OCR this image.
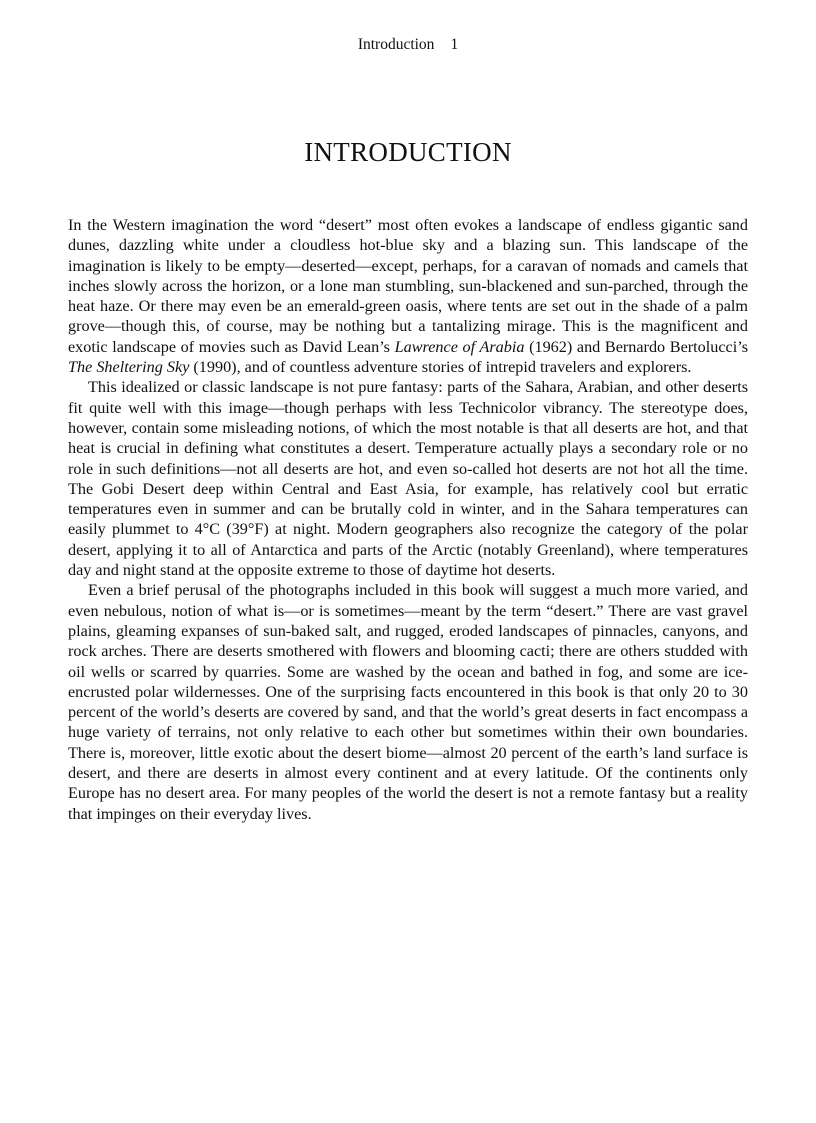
Introduction 1
INTRODUCTION

In the Western imagination the word “desert” most often evokes a landscape of endless gigantic sand dunes, dazzling white under a cloudless hot-blue sky and a blazing sun. This landscape of the imagination is likely to be empty—deserted—except, perhaps, for a caravan of nomads and camels that inches slowly across the horizon, or a lone man stumbling, sun-blackened and sun-parched, through the heat haze. Or there may even be an emerald-green oasis, where tents are set out in the shade of a palm grove—though this, of course, may be nothing but a tantalizing mirage. This is the magnificent and exotic landscape of movies such as David Lean’s Lawrence of Arabia (1962) and Bernardo Bertolucci’s The Sheltering Sky (1990), and of countless adventure stories of intrepid travelers and explorers.

This idealized or classic landscape is not pure fantasy: parts of the Sahara, Arabian, and other deserts fit quite well with this image—though perhaps with less Technicolor vibrancy. The stereotype does, however, contain some misleading notions, of which the most notable is that all deserts are hot, and that heat is crucial in defining what constitutes a desert. Temperature actually plays a secondary role or no role in such definitions—not all deserts are hot, and even so-called hot deserts are not hot all the time. The Gobi Desert deep within Central and East Asia, for example, has relatively cool but erratic temperatures even in summer and can be brutally cold in winter, and in the Sahara temperatures can easily plummet to 4°C (39°F) at night. Modern geographers also recognize the category of the polar desert, applying it to all of Antarctica and parts of the Arctic (notably Greenland), where temperatures day and night stand at the opposite extreme to those of daytime hot deserts.

Even a brief perusal of the photographs included in this book will suggest a much more varied, and even nebulous, notion of what is—or is sometimes—meant by the term “desert.” There are vast gravel plains, gleaming expanses of sun-baked salt, and rugged, eroded landscapes of pinnacles, canyons, and rock arches. There are deserts smothered with flowers and blooming cacti; there are others studded with oil wells or scarred by quarries. Some are washed by the ocean and bathed in fog, and some are ice-encrusted polar wildernesses. One of the surprising facts encountered in this book is that only 20 to 30 percent of the world’s deserts are covered by sand, and that the world’s great deserts in fact encompass a huge variety of terrains, not only relative to each other but sometimes within their own boundaries. There is, moreover, little exotic about the desert biome—almost 20 percent of the earth’s land surface is desert, and there are deserts in almost every continent and at every latitude. Of the continents only Europe has no desert area. For many peoples of the world the desert is not a remote fantasy but a reality that impinges on their everyday lives.
